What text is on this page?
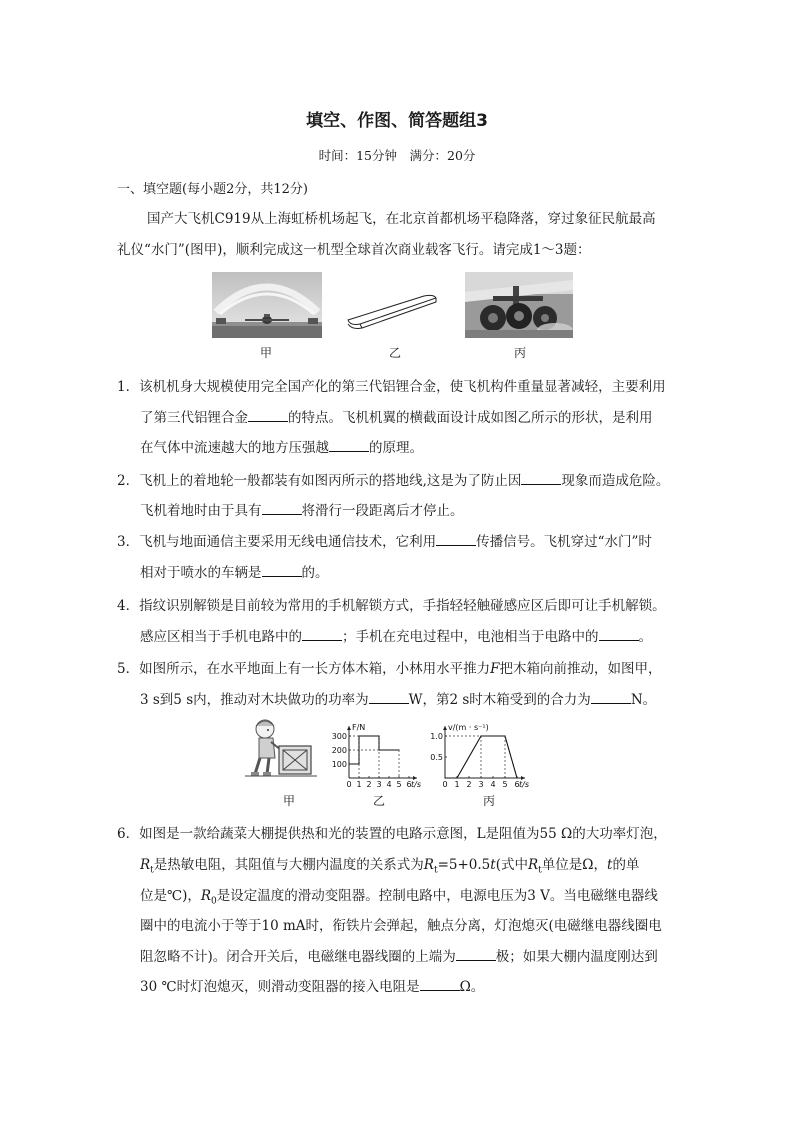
填空、作图、简答题组3
时间：15分钟　满分：20分
一、填空题(每小题2分，共12分)
国产大飞机C919从上海虹桥机场起飞，在北京首都机场平稳降落，穿过象征民航最高
礼仪“水门”(图甲)，顺利完成这一机型全球首次商业载客飞行。请完成1～3题：
甲	乙	丙
1．该机机身大规模使用完全国产化的第三代铝锂合金，使飞机构件重量显著减轻，主要利用
了第三代铝锂合金	的特点。飞机机翼的横截面设计成如图乙所示的形状，是利用
在气体中流速越大的地方压强越	的原理。
2．飞机上的着地轮一般都装有如图丙所示的搭地线,这是为了防止因	现象而造成危险。
飞机着地时由于具有	将滑行一段距离后才停止。
3．飞机与地面通信主要采用无线电通信技术，它利用	传播信号。飞机穿过“水门”时
相对于喷水的车辆是	的。
4．指纹识别解锁是目前较为常用的手机解锁方式，手指轻轻触碰感应区后即可让手机解锁。
感应区相当于手机电路中的	；手机在充电过程中，电池相当于电路中的	。
5．如图所示，在水平地面上有一长方体木箱，小林用水平推力F把木箱向前推动，如图甲，
3 s到5 s内，推动对木块做功的功率为	W，第2 s时木箱受到的合力为	N。
甲
F/N
t/s
0 1 2 3 4 5 6
300
200
100
乙
v/(m · s⁻¹)
t/s
0 1 2 3 4 5 6
1.0
0.5
丙
6．如图是一款给蔬菜大棚提供热和光的装置的电路示意图，L是阻值为55 Ω的大功率灯泡，
$R_t$是热敏电阻，其阻值与大棚内温度的关系式为$R_t=5+0.5t$(式中$R_t$单位是Ω，t的单
位是℃)，$R_0$是设定温度的滑动变阻器。控制电路中，电源电压为3 V。当电磁继电器线
圈中的电流小于等于10 mA时，衔铁片会弹起，触点分离，灯泡熄灭(电磁继电器线圈电
阻忽略不计)。闭合开关后，电磁继电器线圈的上端为	极；如果大棚内温度刚达到
30 ℃时灯泡熄灭，则滑动变阻器的接入电阻是	Ω。
